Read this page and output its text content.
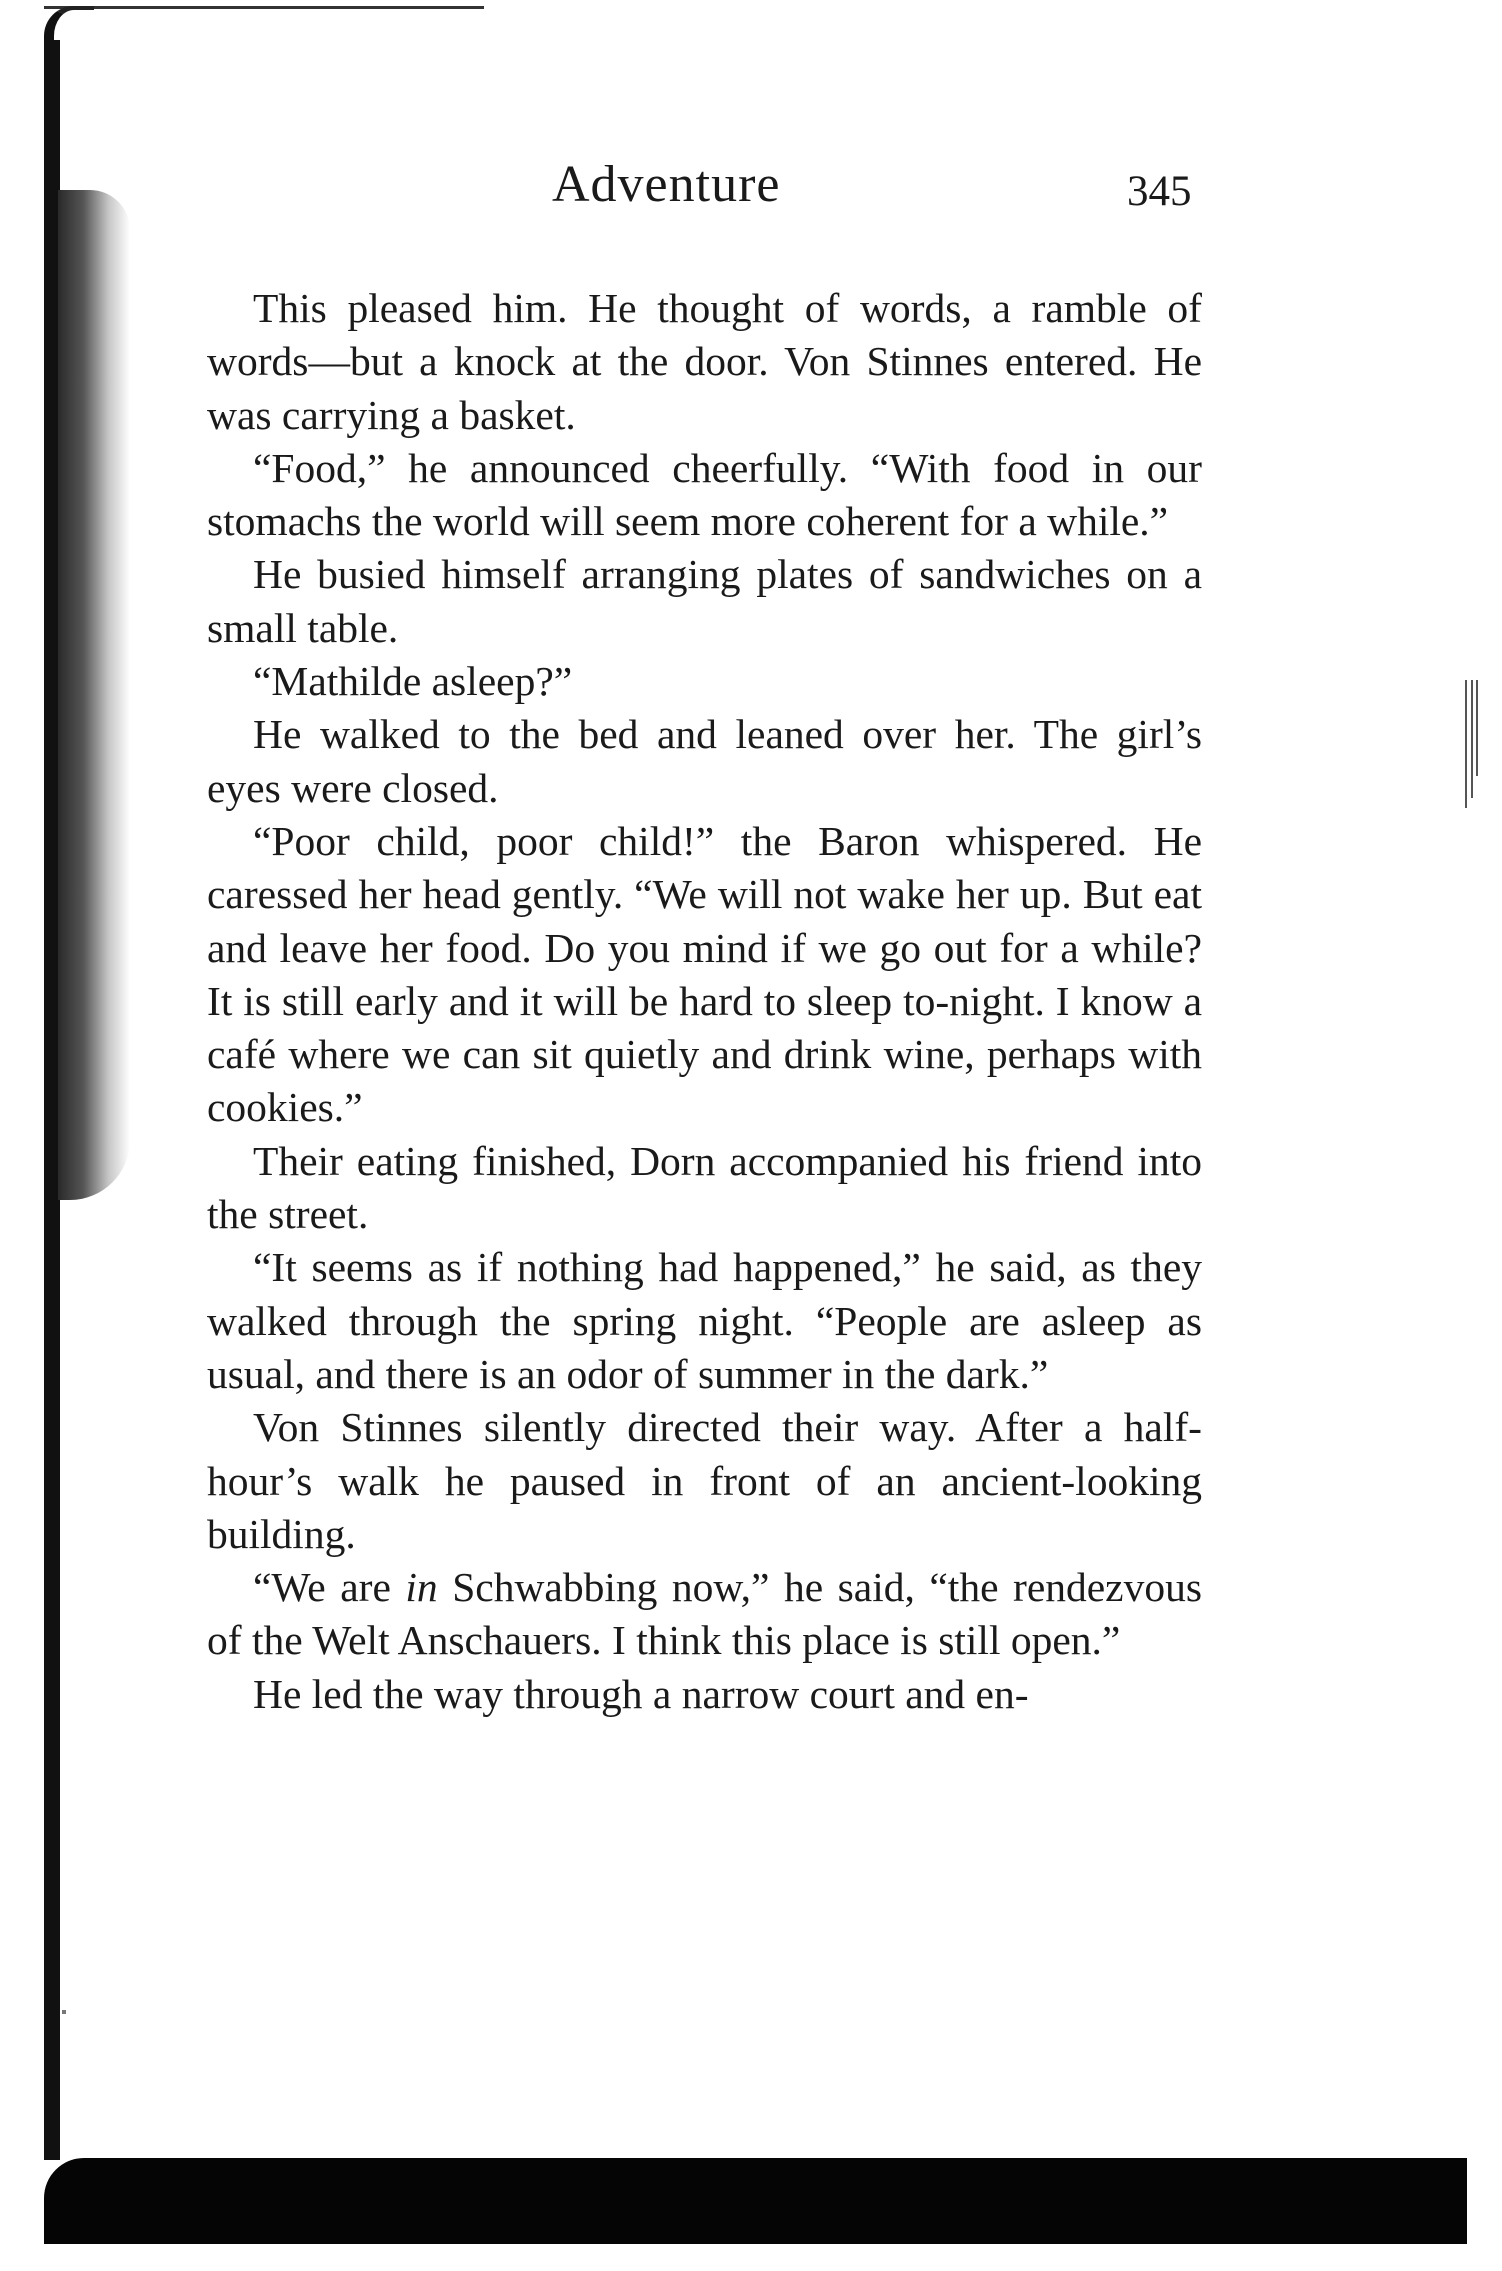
Adventure	345

This pleased him. He thought of words, a ramble of words—but a knock at the door. Von Stinnes entered. He was carrying a basket.

“Food,” he announced cheerfully. “With food in our stomachs the world will seem more coherent for a while.”

He busied himself arranging plates of sandwiches on a small table.

“Mathilde asleep?”

He walked to the bed and leaned over her. The girl’s eyes were closed.

“Poor child, poor child!” the Baron whispered. He caressed her head gently. “We will not wake her up. But eat and leave her food. Do you mind if we go out for a while? It is still early and it will be hard to sleep to-night. I know a café where we can sit quietly and drink wine, perhaps with cookies.”

Their eating finished, Dorn accompanied his friend into the street.

“It seems as if nothing had happened,” he said, as they walked through the spring night. “People are asleep as usual, and there is an odor of summer in the dark.”

Von Stinnes silently directed their way. After a half-hour’s walk he paused in front of an ancient-looking building.

“We are in Schwabbing now,” he said, “the rendezvous of the Welt Anschauers. I think this place is still open.”

He led the way through a narrow court and en-
